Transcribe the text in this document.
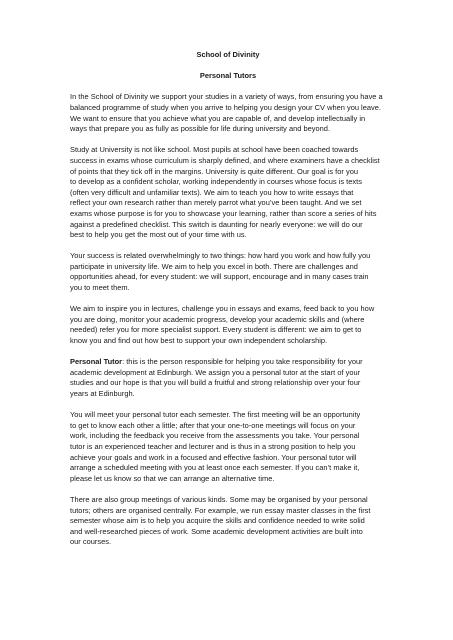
School of Divinity

Personal Tutors

In the School of Divinity we support your studies in a variety of ways, from ensuring you have a
balanced programme of study when you arrive to helping you design your CV when you leave.
We want to ensure that you achieve what you are capable of, and develop intellectually in
ways that prepare you as fully as possible for life during university and beyond.

Study at University is not like school. Most pupils at school have been coached towards
success in exams whose curriculum is sharply defined, and where examiners have a checklist
of points that they tick off in the margins. University is quite different. Our goal is for you
to develop as a confident scholar, working independently in courses whose focus is texts
(often very difficult and unfamiliar texts). We aim to teach you how to write essays that
reflect your own research rather than merely parrot what you’ve been taught. And we set
exams whose purpose is for you to showcase your learning, rather than score a series of hits
against a predefined checklist. This switch is daunting for nearly everyone: we will do our
best to help you get the most out of your time with us.

Your success is related overwhelmingly to two things: how hard you work and how fully you
participate in university life. We aim to help you excel in both. There are challenges and
opportunities ahead, for every student: we will support, encourage and in many cases train
you to meet them.

We aim to inspire you in lectures, challenge you in essays and exams, feed back to you how
you are doing, monitor your academic progress, develop your academic skills and (where
needed) refer you for more specialist support. Every student is different: we aim to get to
know you and find out how best to support your own independent scholarship.

Personal Tutor: this is the person responsible for helping you take responsibility for your
academic development at Edinburgh. We assign you a personal tutor at the start of your
studies and our hope is that you will build a fruitful and strong relationship over your four
years at Edinburgh.

You will meet your personal tutor each semester. The first meeting will be an opportunity
to get to know each other a little; after that your one-to-one meetings will focus on your
work, including the feedback you receive from the assessments you take. Your personal
tutor is an experienced teacher and lecturer and is thus in a strong position to help you
achieve your goals and work in a focused and effective fashion. Your personal tutor will
arrange a scheduled meeting with you at least once each semester. If you can’t make it,
please let us know so that we can arrange an alternative time.

There are also group meetings of various kinds. Some may be organised by your personal
tutors; others are organised centrally. For example, we run essay master classes in the first
semester whose aim is to help you acquire the skills and confidence needed to write solid
and well-researched pieces of work. Some academic development activities are built into
our courses.
